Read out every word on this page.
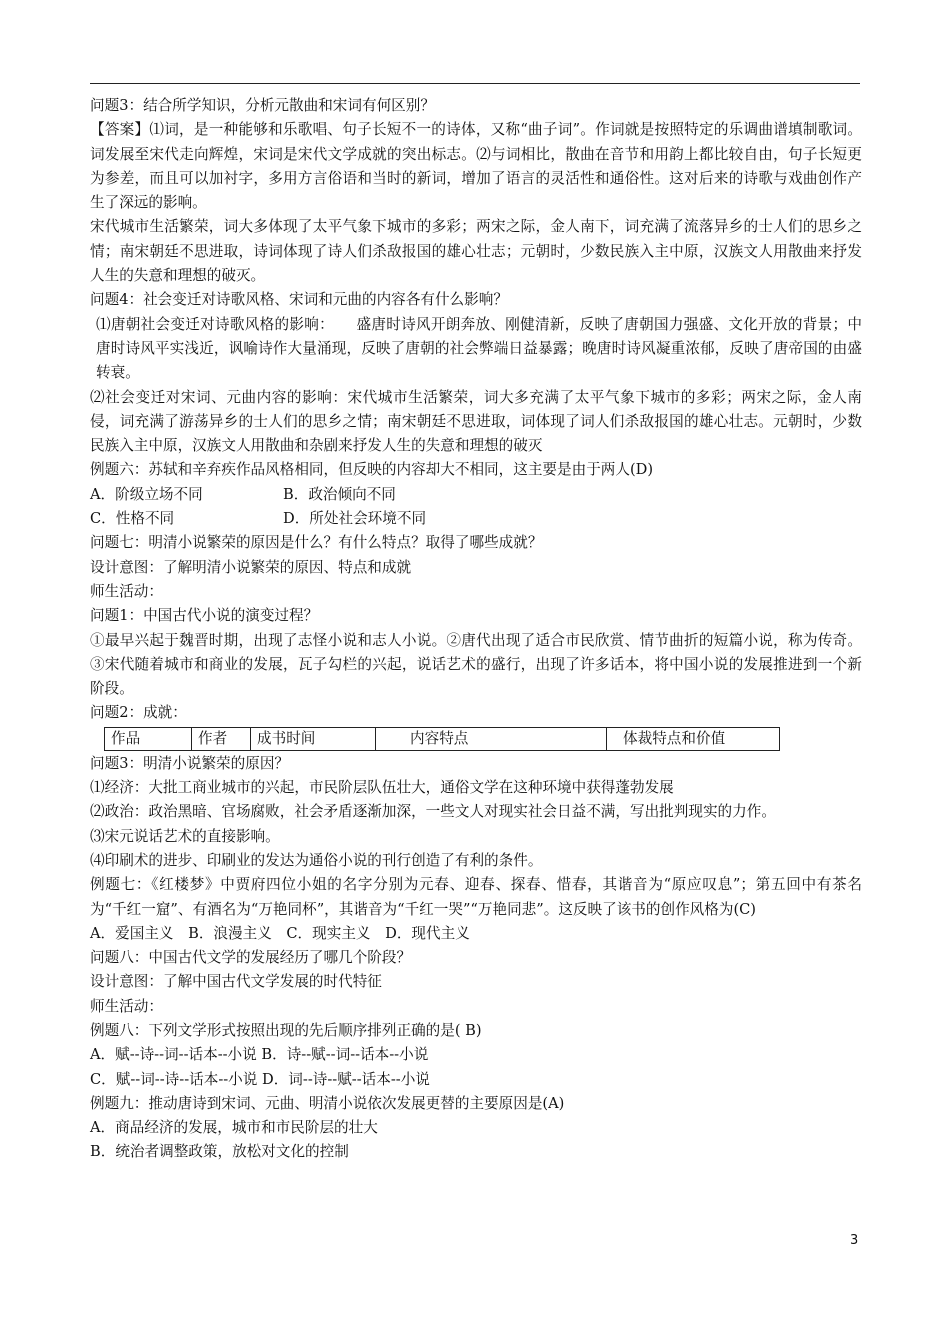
问题3：结合所学知识，分析元散曲和宋词有何区别？

【答案】⑴词，是一种能够和乐歌唱、句子长短不一的诗体，又称“曲子词”。作词就是按照特定的乐调曲谱填制歌词。词发展至宋代走向辉煌，宋词是宋代文学成就的突出标志。⑵与词相比，散曲在音节和用韵上都比较自由，句子长短更为参差，而且可以加衬字，多用方言俗语和当时的新词，增加了语言的灵活性和通俗性。这对后来的诗歌与戏曲创作产生了深远的影响。

宋代城市生活繁荣，词大多体现了太平气象下城市的多彩；两宋之际，金人南下，词充满了流落异乡的士人们的思乡之情；南宋朝廷不思进取，诗词体现了诗人们杀敌报国的雄心壮志；元朝时，少数民族入主中原，汉族文人用散曲来抒发人生的失意和理想的破灭。

问题4：社会变迁对诗歌风格、宋词和元曲的内容各有什么影响？

⑴唐朝社会变迁对诗歌风格的影响：　　盛唐时诗风开朗奔放、刚健清新，反映了唐朝国力强盛、文化开放的背景；中唐时诗风平实浅近，讽喻诗作大量涌现，反映了唐朝的社会弊端日益暴露；晚唐时诗风凝重浓郁，反映了唐帝国的由盛转衰。

⑵社会变迁对宋词、元曲内容的影响：宋代城市生活繁荣，词大多充满了太平气象下城市的多彩；两宋之际，金人南侵，词充满了游荡异乡的士人们的思乡之情；南宋朝廷不思进取，词体现了词人们杀敌报国的雄心壮志。元朝时，少数民族入主中原，汉族文人用散曲和杂剧来抒发人生的失意和理想的破灭

例题六：苏轼和辛弃疾作品风格相同，但反映的内容却大不相同，这主要是由于两人(D)

A．阶级立场不同	B．政治倾向不同
C．性格不同	D．所处社会环境不同

问题七：明清小说繁荣的原因是什么？有什么特点？取得了哪些成就？

设计意图：了解明清小说繁荣的原因、特点和成就

师生活动：

问题1：中国古代小说的演变过程？

①最早兴起于魏晋时期，出现了志怪小说和志人小说。②唐代出现了适合市民欣赏、情节曲折的短篇小说，称为传奇。③宋代随着城市和商业的发展，瓦子勾栏的兴起，说话艺术的盛行，出现了许多话本，将中国小说的发展推进到一个新阶段。

问题2：成就：

作品	作者	成书时间	内容特点	体裁特点和价值

问题3：明清小说繁荣的原因？

⑴经济：大批工商业城市的兴起，市民阶层队伍壮大，通俗文学在这种环境中获得蓬勃发展

⑵政治：政治黑暗、官场腐败，社会矛盾逐渐加深，一些文人对现实社会日益不满，写出批判现实的力作。

⑶宋元说话艺术的直接影响。

⑷印刷术的进步、印刷业的发达为通俗小说的刊行创造了有利的条件。

例题七：《红楼梦》中贾府四位小姐的名字分别为元春、迎春、探春、惜春，其谐音为“原应叹息”；第五回中有茶名为“千红一窟”、有酒名为“万艳同杯”，其谐音为“千红一哭”“万艳同悲”。这反映了该书的创作风格为(C)

A．爱国主义　B．浪漫主义　C．现实主义　D．现代主义

问题八：中国古代文学的发展经历了哪几个阶段？

设计意图：了解中国古代文学发展的时代特征

师生活动：

例题八：下列文学形式按照出现的先后顺序排列正确的是( B)

A．赋--诗--词--话本--小说 B．诗--赋--词--话本--小说

C．赋--词--诗--话本--小说 D．词--诗--赋--话本--小说

例题九：推动唐诗到宋词、元曲、明清小说依次发展更替的主要原因是(A)

A．商品经济的发展，城市和市民阶层的壮大

B．统治者调整政策，放松对文化的控制

3
